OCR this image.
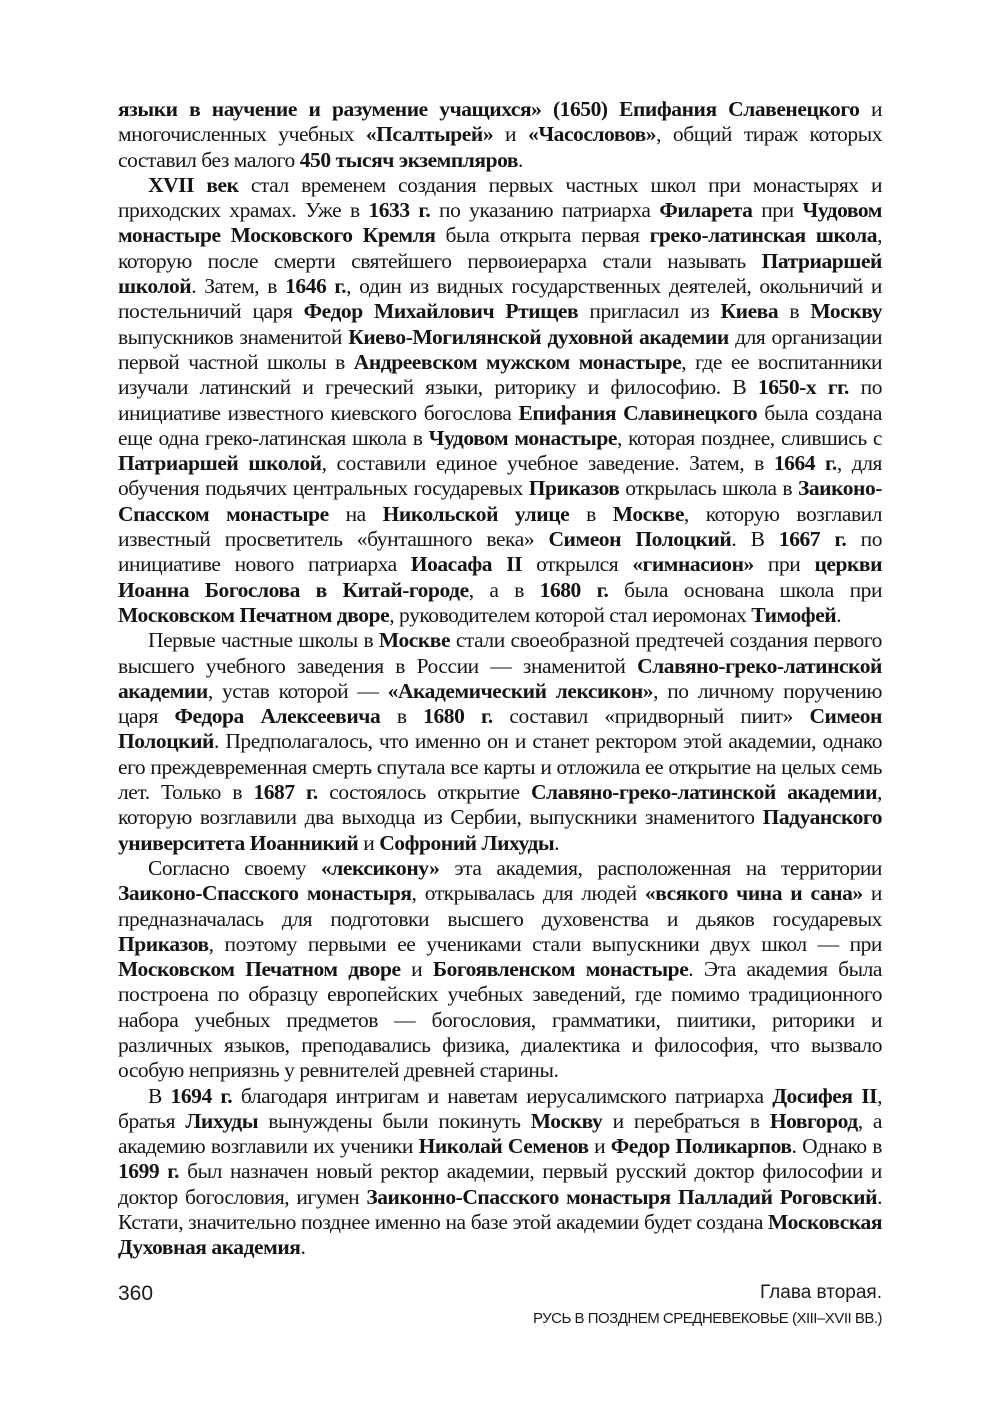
языки в научение и разумение учащихся» (1650) Епифания Славенецкого и многочисленных учебных «Псалтырей» и «Часословов», общий тираж которых составил без малого 450 тысяч экземпляров.

XVII век стал временем создания первых частных школ при монастырях и приходских храмах. Уже в 1633 г. по указанию патриарха Филарета при Чудовом монастыре Московского Кремля была открыта первая греко-латинская школа, которую после смерти святейшего первоиерарха стали называть Патриаршей школой. Затем, в 1646 г., один из видных государственных деятелей, окольничий и постельничий царя Федор Михайлович Ртищев пригласил из Киева в Москву выпускников знаменитой Киево-Могилянской духовной академии для организации первой частной школы в Андреевском мужском монастыре, где ее воспитанники изучали латинский и греческий языки, риторику и философию. В 1650-х гг. по инициативе известного киевского богослова Епифания Славинецкого была создана еще одна греко-латинская школа в Чудовом монастыре, которая позднее, слившись с Патриаршей школой, составили единое учебное заведение. Затем, в 1664 г., для обучения подьячих центральных государевых Приказов открылась школа в Заиконо-Спасском монастыре на Никольской улице в Москве, которую возглавил известный просветитель «бунташного века» Симеон Полоцкий. В 1667 г. по инициативе нового патриарха Иоасафа II открылся «гимнасион» при церкви Иоанна Богослова в Китай-городе, а в 1680 г. была основана школа при Московском Печатном дворе, руководителем которой стал иеромонах Тимофей.

Первые частные школы в Москве стали своеобразной предтечей создания первого высшего учебного заведения в России — знаменитой Славяно-греко-латинской академии, устав которой — «Академический лексикон», по личному поручению царя Федора Алексеевича в 1680 г. составил «придворный пиит» Симеон Полоцкий. Предполагалось, что именно он и станет ректором этой академии, однако его преждевременная смерть спутала все карты и отложила ее открытие на целых семь лет. Только в 1687 г. состоялось открытие Славяно-греко-латинской академии, которую возглавили два выходца из Сербии, выпускники знаменитого Падуанского университета Иоанникий и Софроний Лихуды.

Согласно своему «лексикону» эта академия, расположенная на территории Заиконо-Спасского монастыря, открывалась для людей «всякого чина и сана» и предназначалась для подготовки высшего духовенства и дьяков государевых Приказов, поэтому первыми ее учениками стали выпускники двух школ — при Московском Печатном дворе и Богоявленском монастыре. Эта академия была построена по образцу европейских учебных заведений, где помимо традиционного набора учебных предметов — богословия, грамматики, пиитики, риторики и различных языков, преподавались физика, диалектика и философия, что вызвало особую неприязнь у ревнителей древней старины.

В 1694 г. благодаря интригам и наветам иерусалимского патриарха Досифея II, братья Лихуды вынуждены были покинуть Москву и перебраться в Новгород, а академию возглавили их ученики Николай Семенов и Федор Поликарпов. Однако в 1699 г. был назначен новый ректор академии, первый русский доктор философии и доктор богословия, игумен Заиконно-Спасского монастыря Палладий Роговский. Кстати, значительно позднее именно на базе этой академии будет создана Московская Духовная академия.

360	Глава вторая.
РУСЬ В ПОЗДНЕМ СРЕДНЕВЕКОВЬЕ (XIII–XVII ВВ.)
